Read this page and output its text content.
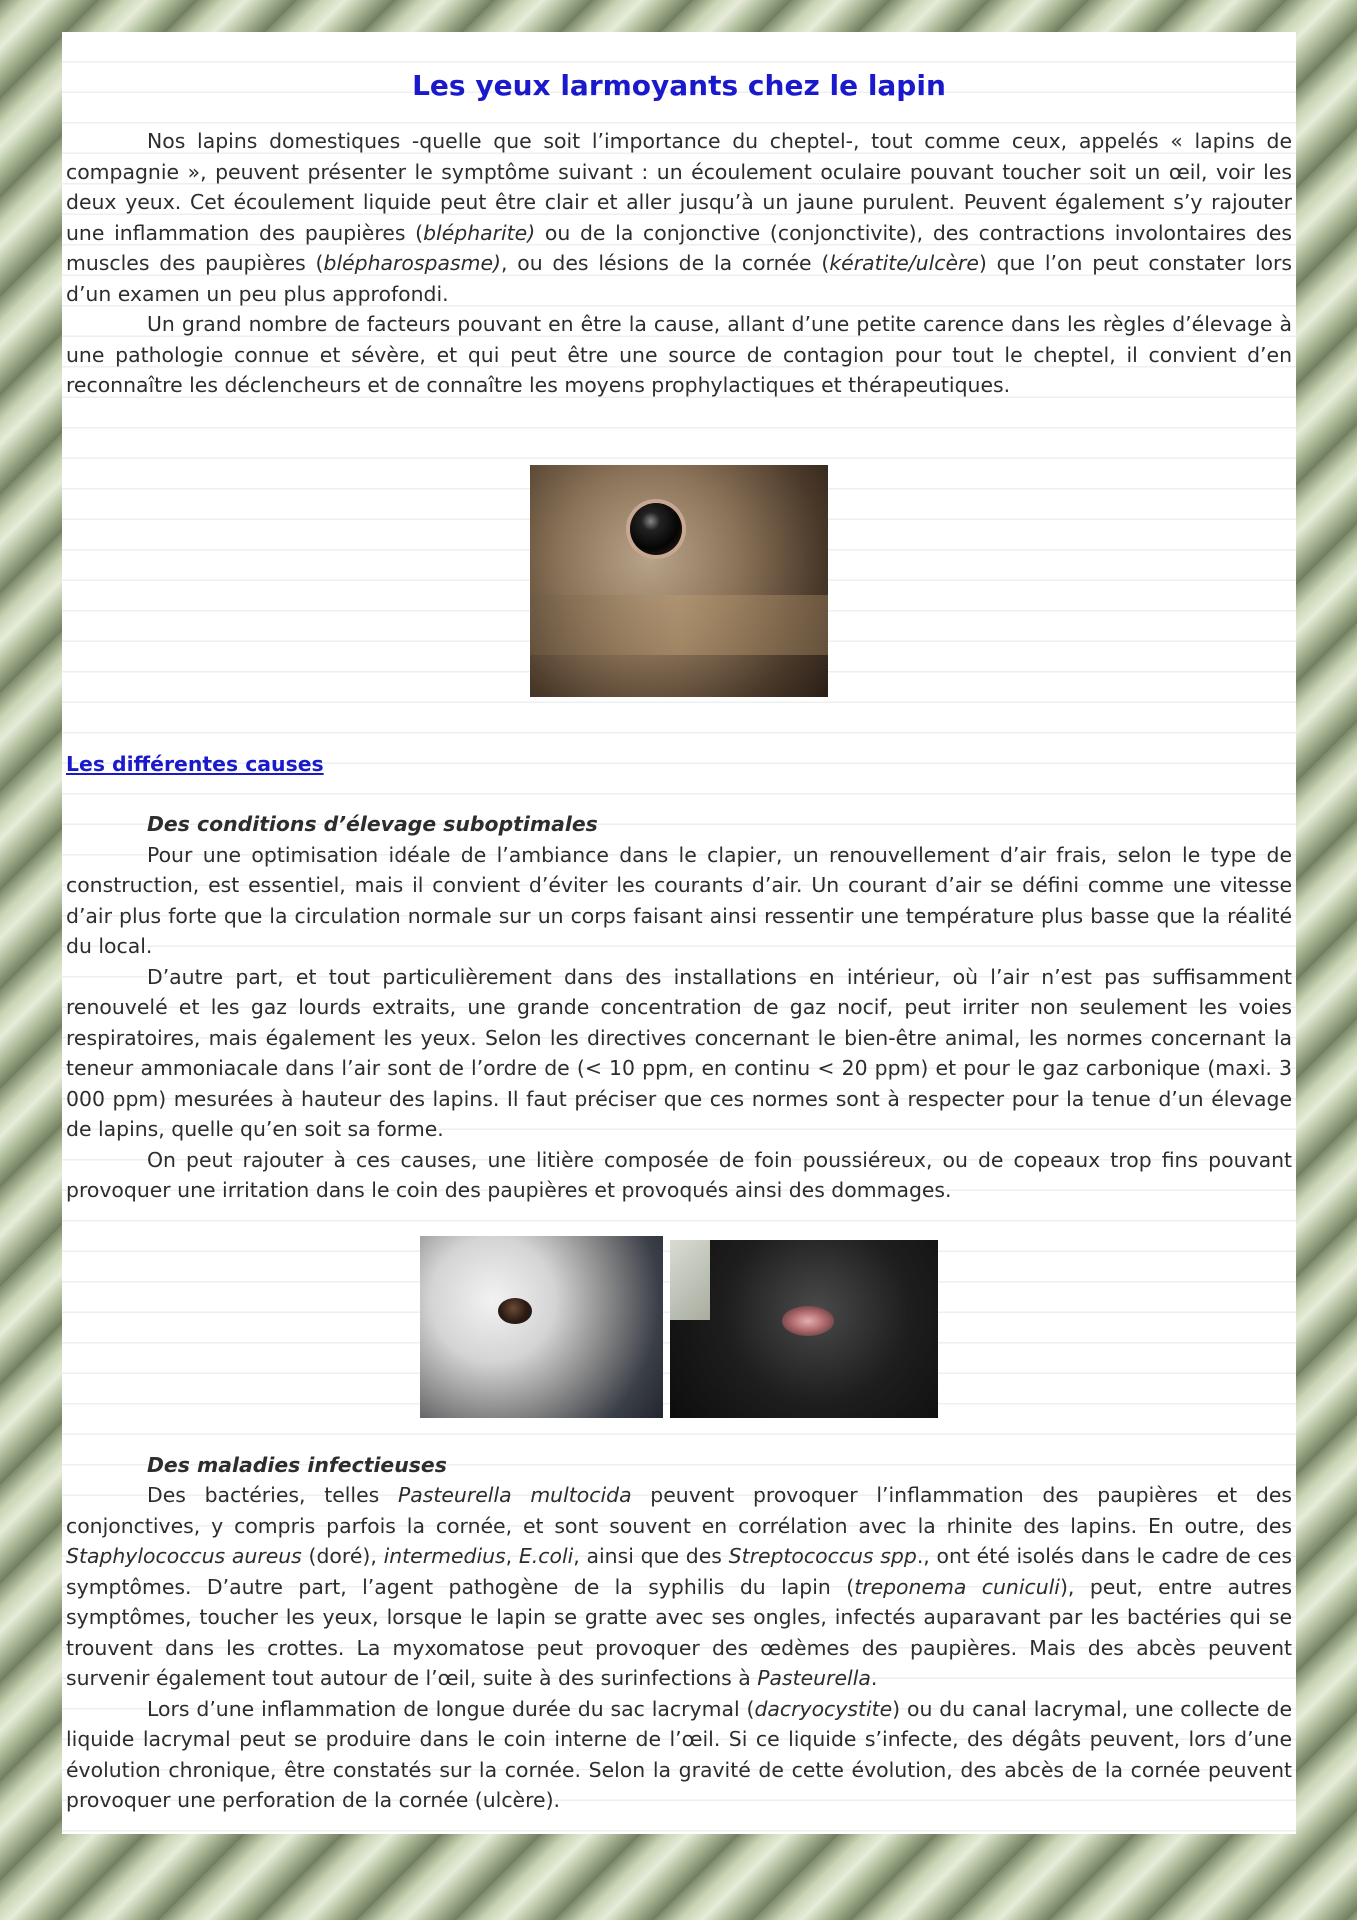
Les yeux larmoyants chez le lapin

Nos lapins domestiques -quelle que soit l’importance du cheptel-, tout comme ceux, appelés « lapins de compagnie », peuvent présenter le symptôme suivant : un écoulement oculaire pouvant toucher soit un œil, voir les deux yeux. Cet écoulement liquide peut être clair et aller jusqu’à un jaune purulent. Peuvent également s’y rajouter une inflammation des paupières (blépharite) ou de la conjonctive (conjonctivite), des contractions involontaires des muscles des paupières (blépharospasme), ou des lésions de la cornée (kératite/ulcère) que l’on peut constater lors d’un examen un peu plus approfondi.

Un grand nombre de facteurs pouvant en être la cause, allant d’une petite carence dans les règles d’élevage à une pathologie connue et sévère, et qui peut être une source de contagion pour tout le cheptel, il convient d’en reconnaître les déclencheurs et de connaître les moyens prophylactiques et thérapeutiques.

Les différentes causes
Des conditions d’élevage suboptimales

Pour une optimisation idéale de l’ambiance dans le clapier, un renouvellement d’air frais, selon le type de construction, est essentiel, mais il convient d’éviter les courants d’air. Un courant d’air se défini comme une vitesse d’air plus forte que la circulation normale sur un corps faisant ainsi ressentir une température plus basse que la réalité du local.

D’autre part, et tout particulièrement dans des installations en intérieur, où l’air n’est pas suffisamment renouvelé et les gaz lourds extraits, une grande concentration de gaz nocif, peut irriter non seulement les voies respiratoires, mais également les yeux. Selon les directives concernant le bien-être animal, les normes concernant la teneur ammoniacale dans l’air sont de l’ordre de (< 10 ppm, en continu < 20 ppm) et pour le gaz carbonique (maxi. 3 000 ppm) mesurées à hauteur des lapins. Il faut préciser que ces normes sont à respecter pour la tenue d’un élevage de lapins, quelle qu’en soit sa forme.

On peut rajouter à ces causes, une litière composée de foin poussiéreux, ou de copeaux trop fins pouvant provoquer une irritation dans le coin des paupières et provoqués ainsi des dommages.

Des maladies infectieuses

Des bactéries, telles Pasteurella multocida peuvent provoquer l’inflammation des paupières et des conjonctives, y compris parfois la cornée, et sont souvent en corrélation avec la rhinite des lapins. En outre, des Staphylococcus aureus (doré), intermedius, E.coli, ainsi que des Streptococcus spp., ont été isolés dans le cadre de ces symptômes. D’autre part, l’agent pathogène de la syphilis du lapin (treponema cuniculi), peut, entre autres symptômes, toucher les yeux, lorsque le lapin se gratte avec ses ongles, infectés auparavant par les bactéries qui se trouvent dans les crottes. La myxomatose peut provoquer des œdèmes des paupières. Mais des abcès peuvent survenir également tout autour de l’œil, suite à des surinfections à Pasteurella.

Lors d’une inflammation de longue durée du sac lacrymal (dacryocystite) ou du canal lacrymal, une collecte de liquide lacrymal peut se produire dans le coin interne de l’œil. Si ce liquide s’infecte, des dégâts peuvent, lors d’une évolution chronique, être constatés sur la cornée. Selon la gravité de cette évolution, des abcès de la cornée peuvent provoquer une perforation de la cornée (ulcère).
